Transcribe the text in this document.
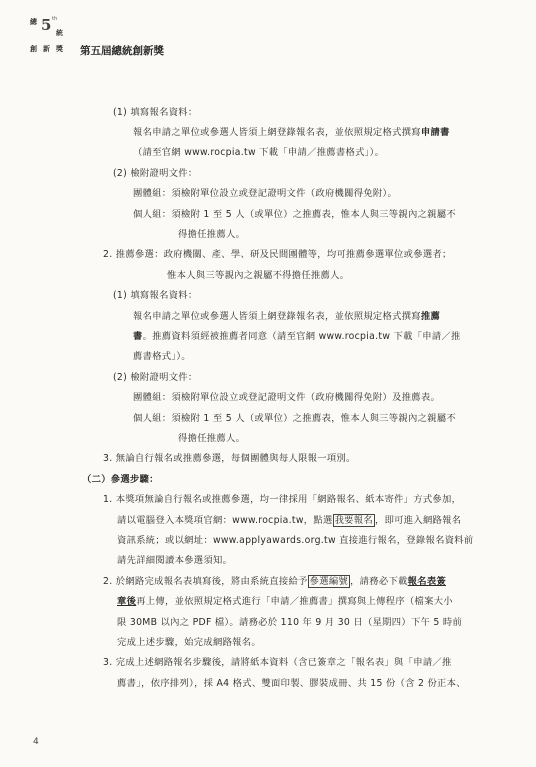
總 5 th
統
創 新 獎 第五屆總統創新獎
(1) 填寫報名資料：
報名申請之單位或參選人皆須上網登錄報名表，並依照規定格式撰寫申請書
（請至官網 www.rocpia.tw 下載「申請／推薦書格式」）。
(2) 檢附證明文件：
團體組：須檢附單位設立或登記證明文件（政府機關得免附）。
個人組：須檢附 1 至 5 人（或單位）之推薦表，惟本人與三等親內之親屬不
得擔任推薦人。
2. 推薦參選：政府機關、產、學、研及民間團體等，均可推薦參選單位或參選者；
惟本人與三等親內之親屬不得擔任推薦人。
(1) 填寫報名資料：
報名申請之單位或參選人皆須上網登錄報名表，並依照規定格式撰寫推薦
書。推薦資料須經被推薦者同意（請至官網 www.rocpia.tw 下載「申請／推
薦書格式」）。
(2) 檢附證明文件：
團體組：須檢附單位設立或登記證明文件（政府機關得免附）及推薦表。
個人組：須檢附 1 至 5 人（或單位）之推薦表，惟本人與三等親內之親屬不
得擔任推薦人。
3. 無論自行報名或推薦參選，每個團體與每人限報一項別。
（二）參選步驟：
1. 本獎項無論自行報名或推薦參選，均一律採用「網路報名、紙本寄件」方式參加，
請以電腦登入本獎項官網：www.rocpia.tw，點選 我要報名 ，即可進入網路報名
資訊系統；或以網址：www.applyawards.org.tw 直接進行報名，登錄報名資料前
請先詳細閱讀本參選須知。
2. 於網路完成報名表填寫後，將由系統直接給予 參選編號 ，請務必下載報名表簽
章後再上傳，並依照規定格式進行「申請／推薦書」撰寫與上傳程序（檔案大小
限 30MB 以內之 PDF 檔）。請務必於 110 年 9 月 30 日（星期四）下午 5 時前
完成上述步驟，始完成網路報名。
3. 完成上述網路報名步驟後，請將紙本資料（含已簽章之「報名表」與「申請／推
薦書」，依序排列），採 A4 格式、雙面印製、膠裝成冊、共 15 份（含 2 份正本、
4
